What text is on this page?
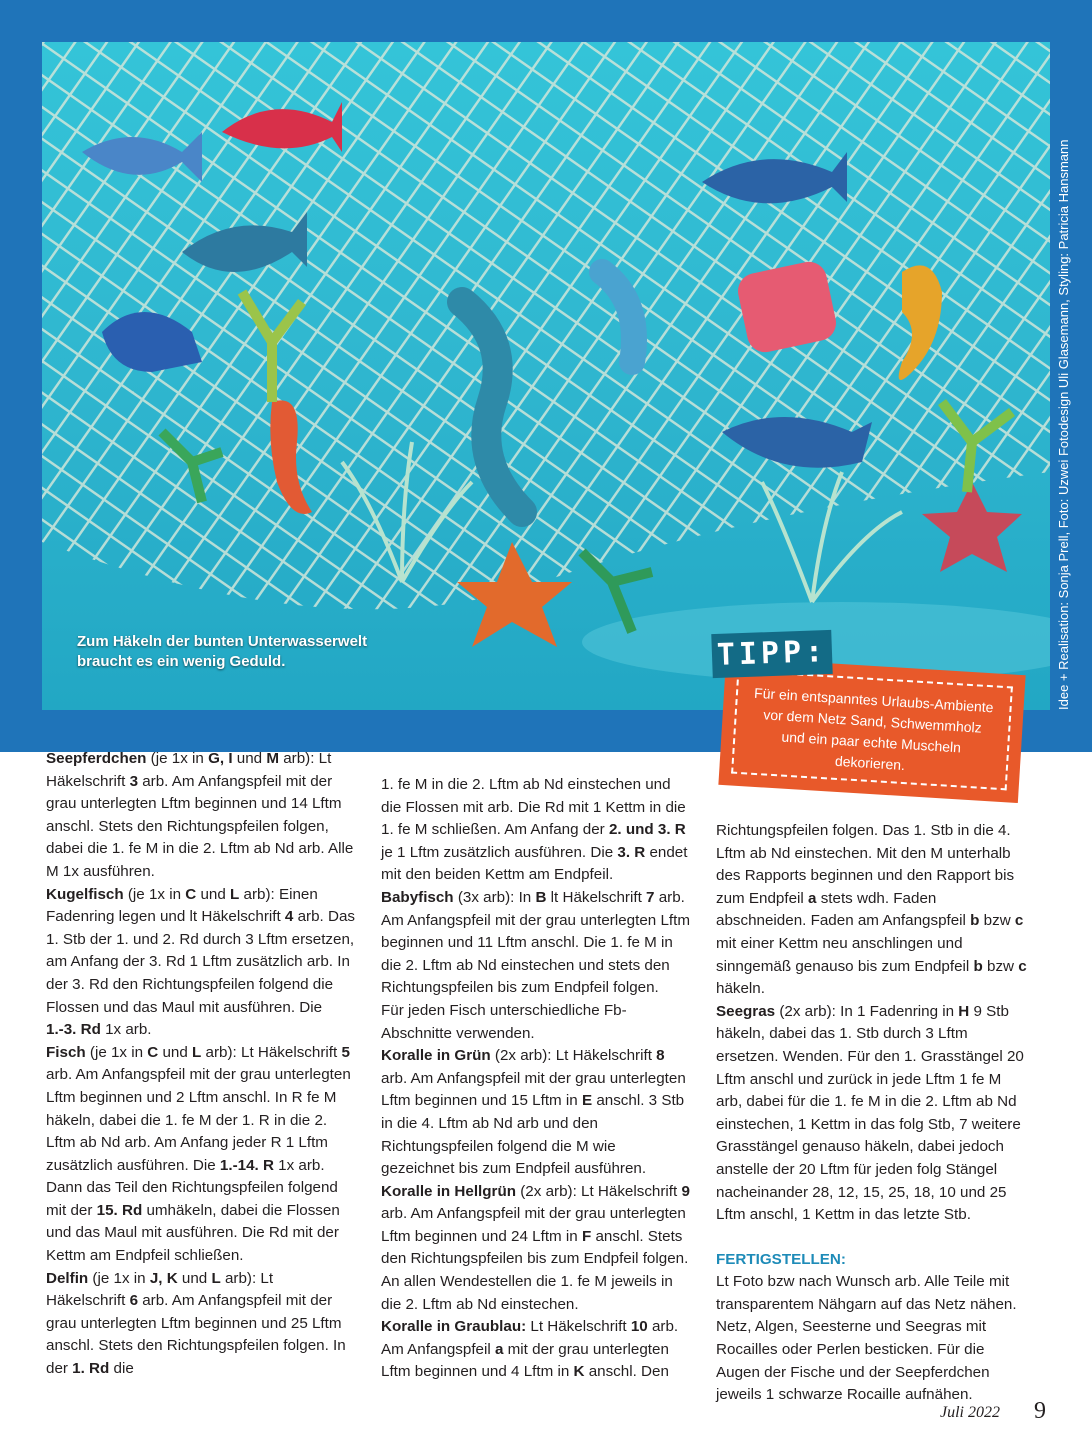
Zum Häkeln der bunten Unterwasserwelt
braucht es ein wenig Geduld.	Idee + Realisation: Sonja Prell, Foto: Uzwei Fotodesign Uli Glasemann, Styling: Patricia Hansmann
TIPP:
Für ein entspanntes Urlaubs-Ambiente vor dem Netz Sand, Schwemmholz und ein paar echte Muscheln dekorieren.

Seepferdchen (je 1x in G, I und M arb): Lt Häkelschrift 3 arb. Am Anfangspfeil mit der grau unterlegten Lftm beginnen und 14 Lftm anschl. Stets den Richtungspfeilen folgen, dabei die 1. fe M in die 2. Lftm ab Nd arb. Alle M 1x ausführen.

Kugelfisch (je 1x in C und L arb): Einen Fadenring legen und lt Häkelschrift 4 arb. Das 1. Stb der 1. und 2. Rd durch 3 Lftm ersetzen, am Anfang der 3. Rd 1 Lftm zusätzlich arb. In der 3. Rd den Richtungspfeilen folgend die Flossen und das Maul mit ausführen. Die 1.-3. Rd 1x arb.

Fisch (je 1x in C und L arb): Lt Häkelschrift 5 arb. Am Anfangspfeil mit der grau unterlegten Lftm beginnen und 2 Lftm anschl. In R fe M häkeln, dabei die 1. fe M der 1. R in die 2. Lftm ab Nd arb. Am Anfang jeder R 1 Lftm zusätzlich ausführen. Die 1.-14. R 1x arb. Dann das Teil den Richtungspfeilen folgend mit der 15. Rd umhäkeln, dabei die Flossen und das Maul mit ausführen. Die Rd mit der Kettm am Endpfeil schließen.

Delfin (je 1x in J, K und L arb): Lt Häkelschrift 6 arb. Am Anfangspfeil mit der grau unterlegten Lftm beginnen und 25 Lftm anschl. Stets den Richtungspfeilen folgen. In der 1. Rd die

1. fe M in die 2. Lftm ab Nd einstechen und die Flossen mit arb. Die Rd mit 1 Kettm in die 1. fe M schließen. Am Anfang der 2. und 3. R je 1 Lftm zusätzlich ausführen. Die 3. R endet mit den beiden Kettm am Endpfeil.

Babyfisch (3x arb): In B lt Häkelschrift 7 arb. Am Anfangspfeil mit der grau unterlegten Lftm beginnen und 11 Lftm anschl. Die 1. fe M in die 2. Lftm ab Nd einstechen und stets den Richtungspfeilen bis zum Endpfeil folgen.

Für jeden Fisch unterschiedliche Fb-Abschnitte verwenden.

Koralle in Grün (2x arb): Lt Häkelschrift 8 arb. Am Anfangspfeil mit der grau unterlegten Lftm beginnen und 15 Lftm in E anschl. 3 Stb in die 4. Lftm ab Nd arb und den Richtungspfeilen folgend die M wie gezeichnet bis zum Endpfeil ausführen.

Koralle in Hellgrün (2x arb): Lt Häkelschrift 9 arb. Am Anfangspfeil mit der grau unterlegten Lftm beginnen und 24 Lftm in F anschl. Stets den Richtungspfeilen bis zum Endpfeil folgen. An allen Wendestellen die 1. fe M jeweils in die 2. Lftm ab Nd einstechen.

Koralle in Graublau: Lt Häkelschrift 10 arb. Am Anfangspfeil a mit der grau unterlegten Lftm beginnen und 4 Lftm in K anschl. Den

Richtungspfeilen folgen. Das 1. Stb in die 4. Lftm ab Nd einstechen. Mit den M unterhalb des Rapports beginnen und den Rapport bis zum Endpfeil a stets wdh. Faden abschneiden. Faden am Anfangspfeil b bzw c mit einer Kettm neu anschlingen und sinngemäß genauso bis zum Endpfeil b bzw c häkeln.

Seegras (2x arb): In 1 Fadenring in H 9 Stb häkeln, dabei das 1. Stb durch 3 Lftm ersetzen. Wenden. Für den 1. Grasstängel 20 Lftm anschl und zurück in jede Lftm 1 fe M arb, dabei für die 1. fe M in die 2. Lftm ab Nd einstechen, 1 Kettm in das folg Stb, 7 weitere Grasstängel genauso häkeln, dabei jedoch anstelle der 20 Lftm für jeden folg Stängel nacheinander 28, 12, 15, 25, 18, 10 und 25 Lftm anschl, 1 Kettm in das letzte Stb.

FERTIGSTELLEN:

Lt Foto bzw nach Wunsch arb. Alle Teile mit transparentem Nähgarn auf das Netz nähen. Netz, Algen, Seesterne und Seegras mit Rocailles oder Perlen besticken. Für die Augen der Fische und der Seepferdchen jeweils 1 schwarze Rocaille aufnähen.

Juli 2022 9
